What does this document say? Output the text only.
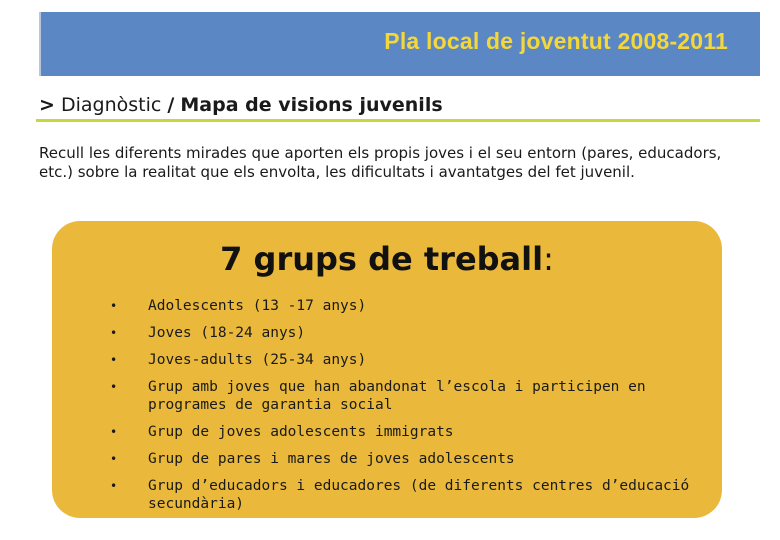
Pla local de joventut 2008-2011
> Diagnòstic / Mapa de visions juvenils
Recull les diferents mirades que aporten els propis joves i el seu entorn (pares, educadors, etc.) sobre la realitat que els envolta, les dificultats i avantatges del fet juvenil.
7 grups de treball:
• Adolescents (13 -17 anys)
• Joves (18-24 anys)
• Joves-adults (25-34 anys)
• Grup amb joves que han abandonat l’escola i participen en programes de garantia social
• Grup de joves adolescents immigrats
• Grup de pares i mares de joves adolescents
• Grup d’educadors i educadores (de diferents centres d’educació secundària)
